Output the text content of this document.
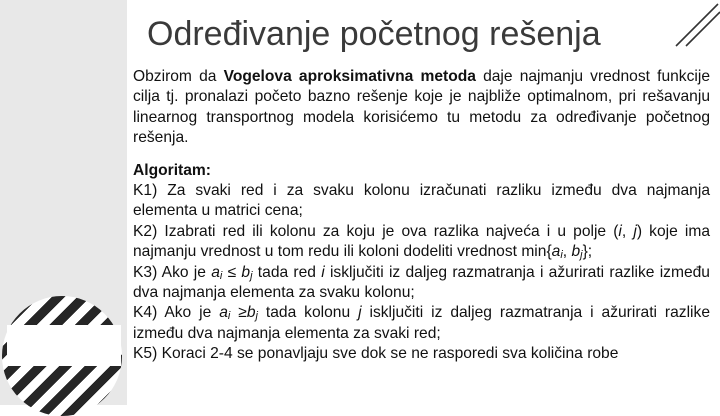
Određivanje početnog rešenja

Obzirom da Vogelova aproksimativna metoda daje najmanju vrednost funkcije cilja tj. pronalazi početo bazno rešenje koje je najbliže optimalnom, pri rešavanju linearnog transportnog modela korisićemo tu metodu za određivanje početnog rešenja.

Algoritam:
K1) Za svaki red i za svaku kolonu izračunati razliku između dva najmanja elementa u matrici cena;
K2) Izabrati red ili kolonu za koju je ova razlika najveća i u polje (i, j) koje ima najmanju vrednost u tom redu ili koloni dodeliti vrednost $\min\{a_i$, $b_j$};
K3) Ako je $a_i \le b_j$ tada red i isključiti iz daljeg razmatranja i ažurirati razlike između dva najmanja elementa za svaku kolonu;
K4) Ako je $a_i \ge b_j$ tada kolonu j isključiti iz daljeg razmatranja i ažurirati razlike između dva najmanja elementa za svaki red;
K5) Koraci 2-4 se ponavljaju sve dok se ne rasporedi sva količina robe
